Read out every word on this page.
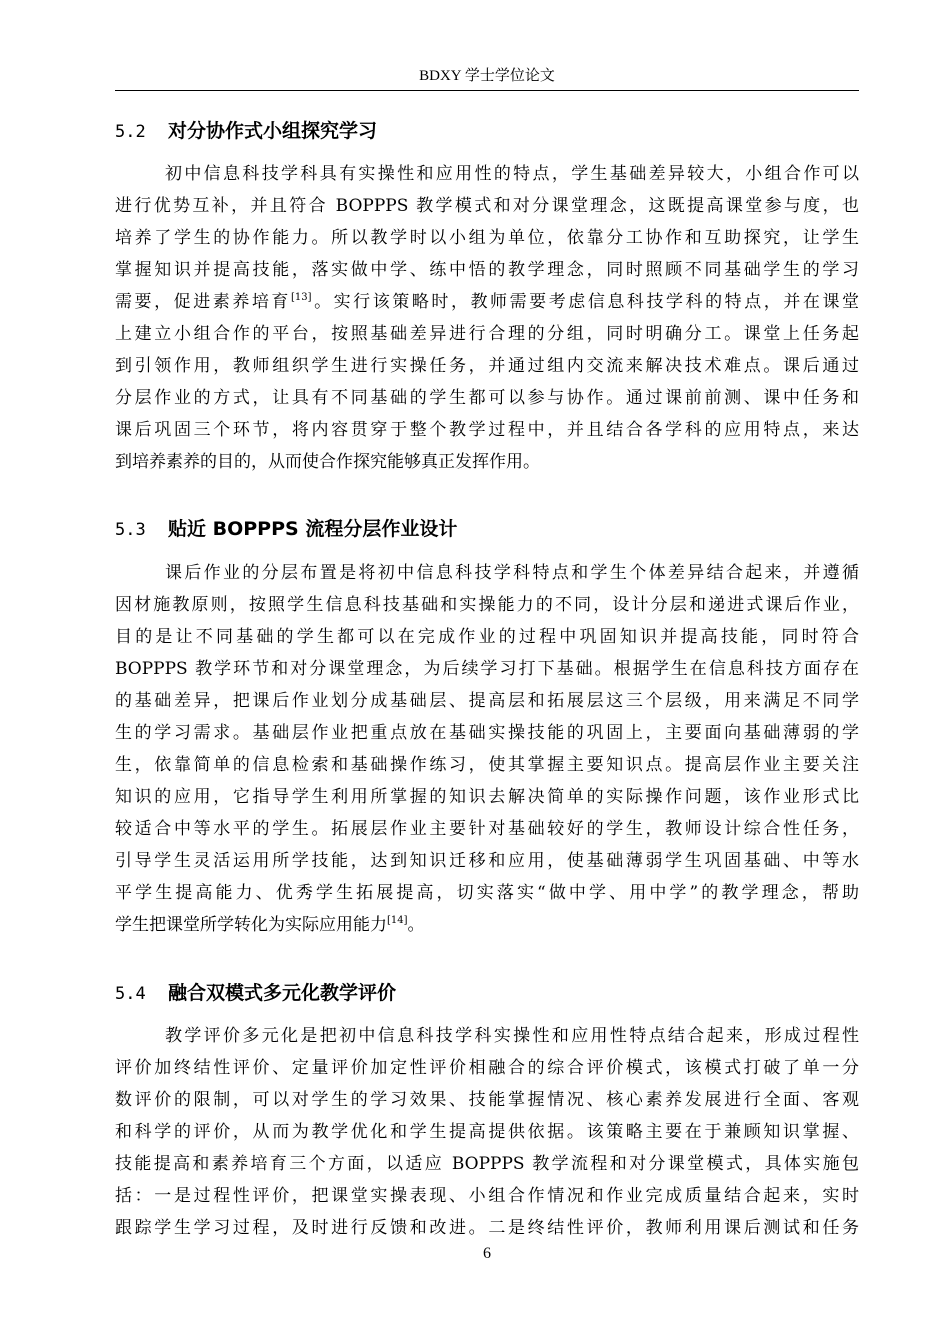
BDXY 学士学位论文
5.2 对分协作式小组探究学习
初中信息科技学科具有实操性和应用性的特点，学生基础差异较大，小组合作可以
进行优势互补，并且符合 BOPPPS 教学模式和对分课堂理念，这既提高课堂参与度，也
培养了学生的协作能力。所以教学时以小组为单位，依靠分工协作和互助探究，让学生
掌握知识并提高技能，落实做中学、练中悟的教学理念，同时照顾不同基础学生的学习
需要，促进素养培育[13]。实行该策略时，教师需要考虑信息科技学科的特点，并在课堂
上建立小组合作的平台，按照基础差异进行合理的分组，同时明确分工。课堂上任务起
到引领作用，教师组织学生进行实操任务，并通过组内交流来解决技术难点。课后通过
分层作业的方式，让具有不同基础的学生都可以参与协作。通过课前前测、课中任务和
课后巩固三个环节，将内容贯穿于整个教学过程中，并且结合各学科的应用特点，来达
到培养素养的目的，从而使合作探究能够真正发挥作用。
5.3 贴近 BOPPPS 流程分层作业设计
课后作业的分层布置是将初中信息科技学科特点和学生个体差异结合起来，并遵循
因材施教原则，按照学生信息科技基础和实操能力的不同，设计分层和递进式课后作业，
目的是让不同基础的学生都可以在完成作业的过程中巩固知识并提高技能，同时符合
BOPPPS 教学环节和对分课堂理念，为后续学习打下基础。根据学生在信息科技方面存在
的基础差异，把课后作业划分成基础层、提高层和拓展层这三个层级，用来满足不同学
生的学习需求。基础层作业把重点放在基础实操技能的巩固上，主要面向基础薄弱的学
生，依靠简单的信息检索和基础操作练习，使其掌握主要知识点。提高层作业主要关注
知识的应用，它指导学生利用所掌握的知识去解决简单的实际操作问题，该作业形式比
较适合中等水平的学生。拓展层作业主要针对基础较好的学生，教师设计综合性任务，
引导学生灵活运用所学技能，达到知识迁移和应用，使基础薄弱学生巩固基础、中等水
平学生提高能力、优秀学生拓展提高，切实落实“做中学、用中学”的教学理念，帮助
学生把课堂所学转化为实际应用能力[14]。
5.4 融合双模式多元化教学评价
教学评价多元化是把初中信息科技学科实操性和应用性特点结合起来，形成过程性
评价加终结性评价、定量评价加定性评价相融合的综合评价模式，该模式打破了单一分
数评价的限制，可以对学生的学习效果、技能掌握情况、核心素养发展进行全面、客观
和科学的评价，从而为教学优化和学生提高提供依据。该策略主要在于兼顾知识掌握、
技能提高和素养培育三个方面，以适应 BOPPPS 教学流程和对分课堂模式，具体实施包
括：一是过程性评价，把课堂实操表现、小组合作情况和作业完成质量结合起来，实时
跟踪学生学习过程，及时进行反馈和改进。二是终结性评价，教师利用课后测试和任务
6
